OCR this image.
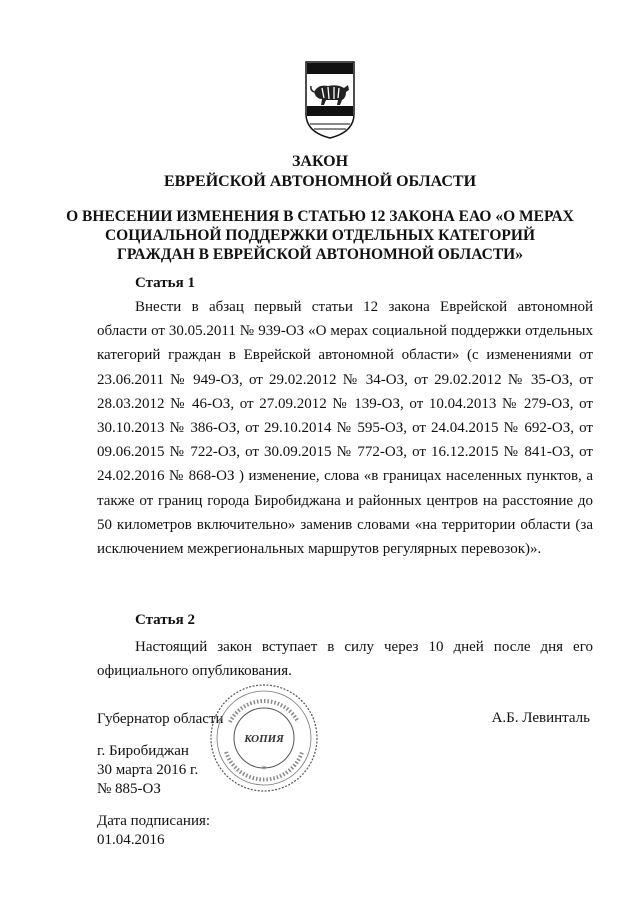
ЗАКОН
ЕВРЕЙСКОЙ АВТОНОМНОЙ ОБЛАСТИ
О ВНЕСЕНИИ ИЗМЕНЕНИЯ В СТАТЬЮ 12 ЗАКОНА ЕАО «О МЕРАХ
СОЦИАЛЬНОЙ ПОДДЕРЖКИ ОТДЕЛЬНЫХ КАТЕГОРИЙ
ГРАЖДАН В ЕВРЕЙСКОЙ АВТОНОМНОЙ ОБЛАСТИ»
Статья 1

Внести в абзац первый статьи 12 закона Еврейской автономной области от 30.05.2011 № 939-ОЗ «О мерах социальной поддержки отдельных категорий граждан в Еврейской автономной области» (с изменениями от 23.06.2011 № 949-ОЗ, от 29.02.2012 № 34-ОЗ, от 29.02.2012 № 35-ОЗ, от 28.03.2012 № 46-ОЗ, от 27.09.2012 № 139-ОЗ, от 10.04.2013 № 279-ОЗ, от 30.10.2013 № 386-ОЗ, от 29.10.2014 № 595-ОЗ, от 24.04.2015 № 692-ОЗ, от 09.06.2015 № 722-ОЗ, от 30.09.2015 № 772-ОЗ, от 16.12.2015 № 841-ОЗ, от 24.02.2016 № 868-ОЗ ) изменение, слова «в границах населенных пунктов, а также от границ города Биробиджана и районных центров на расстояние до 50 километров включительно» заменив словами «на территории области (за исключением межрегиональных маршрутов регулярных перевозок)».

Статья 2

Настоящий закон вступает в силу через 10 дней после дня его официального опубликования.

Губернатор области	А.Б. Левинталь
г. Биробиджан
30 марта 2016 г.
№ 885-ОЗ
Дата подписания:
01.04.2016
КОПИЯ
*
